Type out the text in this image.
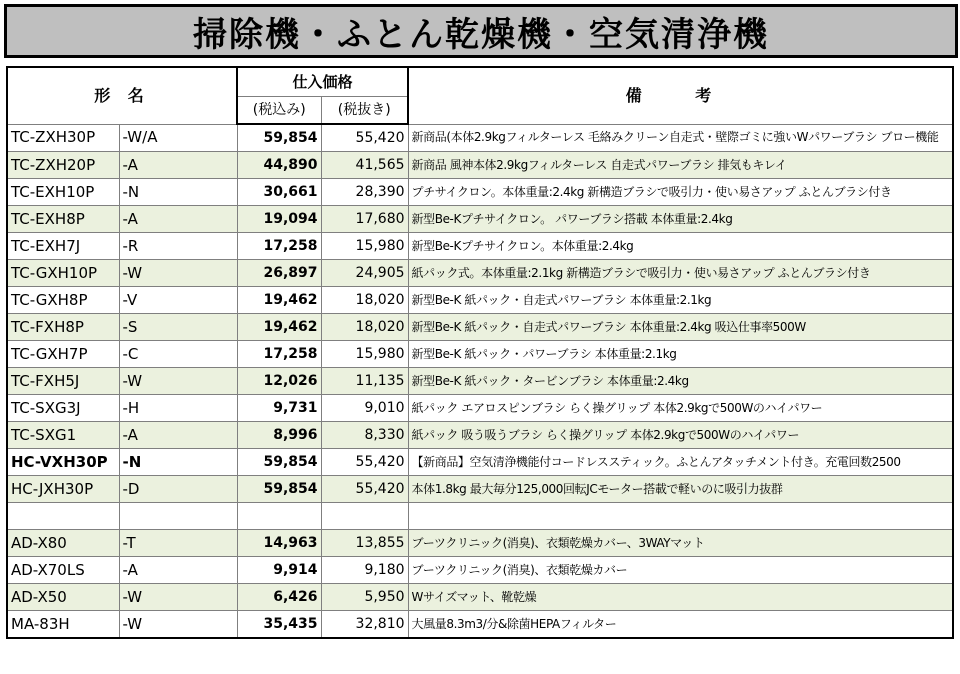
掃除機・ふとん乾燥機・空気清浄機
形 名		仕入価格		備 考
		(税込み)	(税抜き)	
TC-ZXH30P	-W/A	59,854	55,420	新商品(本体2.9kgフィルターレス 毛絡みクリーン自走式・壁際ゴミに強いWパワーブラシ ブロー機能
TC-ZXH20P	-A	44,890	41,565	新商品 風神本体2.9kgフィルターレス 自走式パワーブラシ 排気もキレイ
TC-EXH10P	-N	30,661	28,390	プチサイクロン。本体重量:2.4kg 新構造ブラシで吸引力・使い易さアップ ふとんブラシ付き
TC-EXH8P	-A	19,094	17,680	新型Be-Kプチサイクロン。 パワーブラシ搭載 本体重量:2.4kg
TC-EXH7J	-R	17,258	15,980	新型Be-Kプチサイクロン。本体重量:2.4kg
TC-GXH10P	-W	26,897	24,905	紙パック式。本体重量:2.1kg 新構造ブラシで吸引力・使い易さアップ ふとんブラシ付き
TC-GXH8P	-V	19,462	18,020	新型Be-K 紙パック・自走式パワーブラシ 本体重量:2.1kg
TC-FXH8P	-S	19,462	18,020	新型Be-K 紙パック・自走式パワーブラシ 本体重量:2.4kg 吸込仕事率500W
TC-GXH7P	-C	17,258	15,980	新型Be-K 紙パック・パワーブラシ 本体重量:2.1kg
TC-FXH5J	-W	12,026	11,135	新型Be-K 紙パック・タービンブラシ 本体重量:2.4kg
TC-SXG3J	-H	9,731	9,010	紙パック エアロスピンブラシ らく操グリップ 本体2.9kgで500Wのハイパワー
TC-SXG1	-A	8,996	8,330	紙パック 吸う吸うブラシ らく操グリップ 本体2.9kgで500Wのハイパワー
HC-VXH30P	-N	59,854	55,420	【新商品】空気清浄機能付コードレススティック。ふとんアタッチメント付き。充電回数2500
HC-JXH30P	-D	59,854	55,420	本体1.8kg 最大毎分125,000回転JCモーター搭載で軽いのに吸引力抜群

AD-X80	-T	14,963	13,855	ブーツクリニック(消臭)、衣類乾燥カバー、3WAYマット
AD-X70LS	-A	9,914	9,180	ブーツクリニック(消臭)、衣類乾燥カバー
AD-X50	-W	6,426	5,950	Wサイズマット、靴乾燥
MA-83H	-W	35,435	32,810	大風量8.3m3/分&除菌HEPAフィルター
